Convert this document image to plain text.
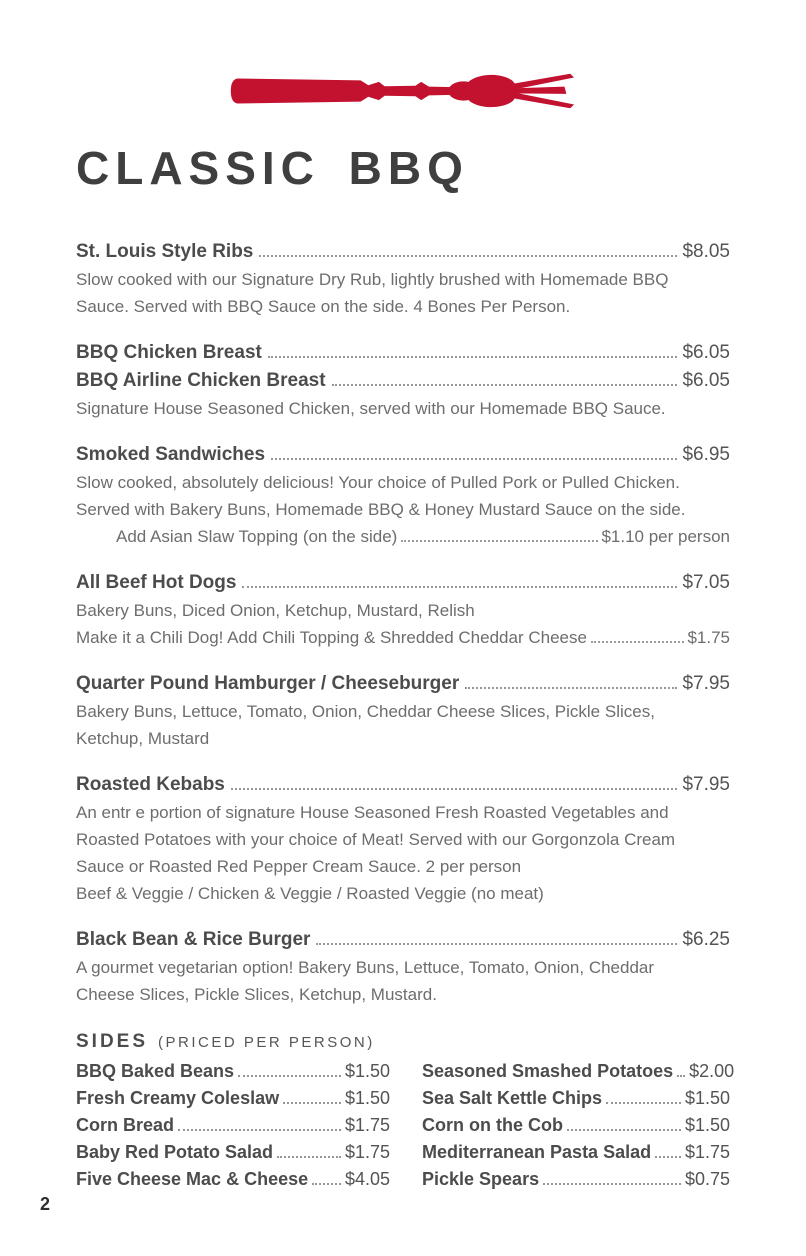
CLASSIC BBQ
St. Louis Style Ribs	$8.05
Slow cooked with our Signature Dry Rub, lightly brushed with Homemade BBQ
Sauce. Served with BBQ Sauce on the side. 4 Bones Per Person.
BBQ Chicken Breast	$6.05
BBQ Airline Chicken Breast	$6.05
Signature House Seasoned Chicken, served with our Homemade BBQ Sauce.
Smoked Sandwiches	$6.95
Slow cooked, absolutely delicious! Your choice of Pulled Pork or Pulled Chicken.
Served with Bakery Buns, Homemade BBQ & Honey Mustard Sauce on the side.
Add Asian Slaw Topping (on the side)	$1.10 per person
All Beef Hot Dogs	$7.05
Bakery Buns, Diced Onion, Ketchup, Mustard, Relish
Make it a Chili Dog! Add Chili Topping & Shredded Cheddar Cheese	$1.75
Quarter Pound Hamburger / Cheeseburger	$7.95
Bakery Buns, Lettuce, Tomato, Onion, Cheddar Cheese Slices, Pickle Slices,
Ketchup, Mustard
Roasted Kebabs	$7.95
An entr e portion of signature House Seasoned Fresh Roasted Vegetables and
Roasted Potatoes with your choice of Meat! Served with our Gorgonzola Cream
Sauce or Roasted Red Pepper Cream Sauce. 2 per person
Beef & Veggie / Chicken & Veggie / Roasted Veggie (no meat)
Black Bean & Rice Burger	$6.25
A gourmet vegetarian option! Bakery Buns, Lettuce, Tomato, Onion, Cheddar
Cheese Slices, Pickle Slices, Ketchup, Mustard.
SIDES (PRICED PER PERSON)
BBQ Baked Beans	$1.50
Fresh Creamy Coleslaw	$1.50
Corn Bread	$1.75
Baby Red Potato Salad	$1.75
Five Cheese Mac & Cheese $4.05
Seasoned Smashed Potatoes $2.00
Sea Salt Kettle Chips	$1.50
Corn on the Cob	$1.50
Mediterranean Pasta Salad $1.75
Pickle Spears	$0.75
2
